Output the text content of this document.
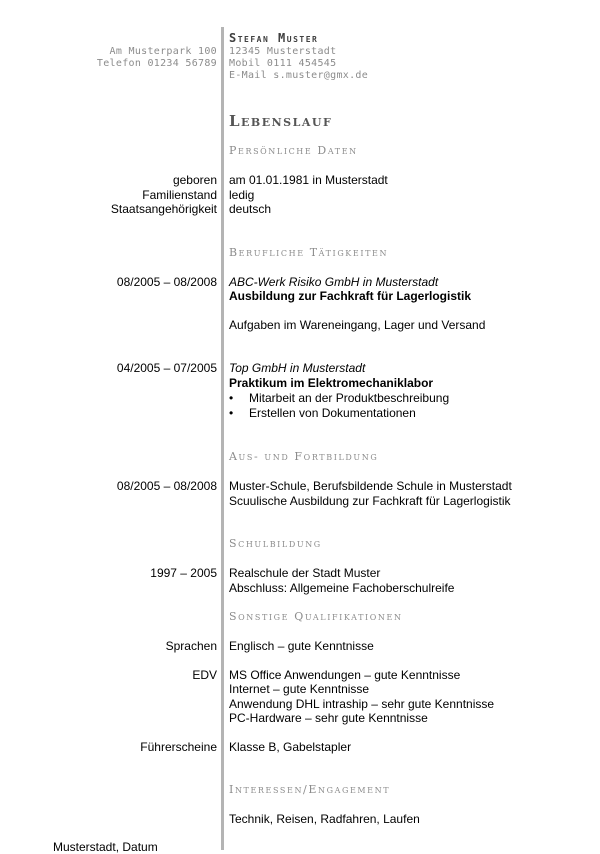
Stefan Muster
Am Musterpark 100
Telefon 01234 56789
12345 Musterstadt
Mobil 0111 454545
E-Mail s.muster@gmx.de
Lebenslauf
Persönliche Daten
geboren am 01.01.1981 in Musterstadt
Familienstand ledig
Staatsangehörigkeit deutsch
Berufliche Tätigkeiten
08/2005 – 08/2008 ABC-Werk Risiko GmbH in Musterstadt
Ausbildung zur Fachkraft für Lagerlogistik
Aufgaben im Wareneingang, Lager und Versand
04/2005 – 07/2005 Top GmbH in Musterstadt
Praktikum im Elektromechaniklabor
• Mitarbeit an der Produktbeschreibung
• Erstellen von Dokumentationen
Aus- und Fortbildung
08/2005 – 08/2008 Muster-Schule, Berufsbildende Schule in Musterstadt
Scuulische Ausbildung zur Fachkraft für Lagerlogistik
Schulbildung
1997 – 2005 Realschule der Stadt Muster
Abschluss: Allgemeine Fachoberschulreife
Sonstige Qualifikationen
Sprachen Englisch – gute Kenntnisse
EDV MS Office Anwendungen – gute Kenntnisse
Internet – gute Kenntnisse
Anwendung DHL intraship – sehr gute Kenntnisse
PC-Hardware – sehr gute Kenntnisse
Führerscheine Klasse B, Gabelstapler
Interessen/Engagement
Technik, Reisen, Radfahren, Laufen
Musterstadt, Datum
